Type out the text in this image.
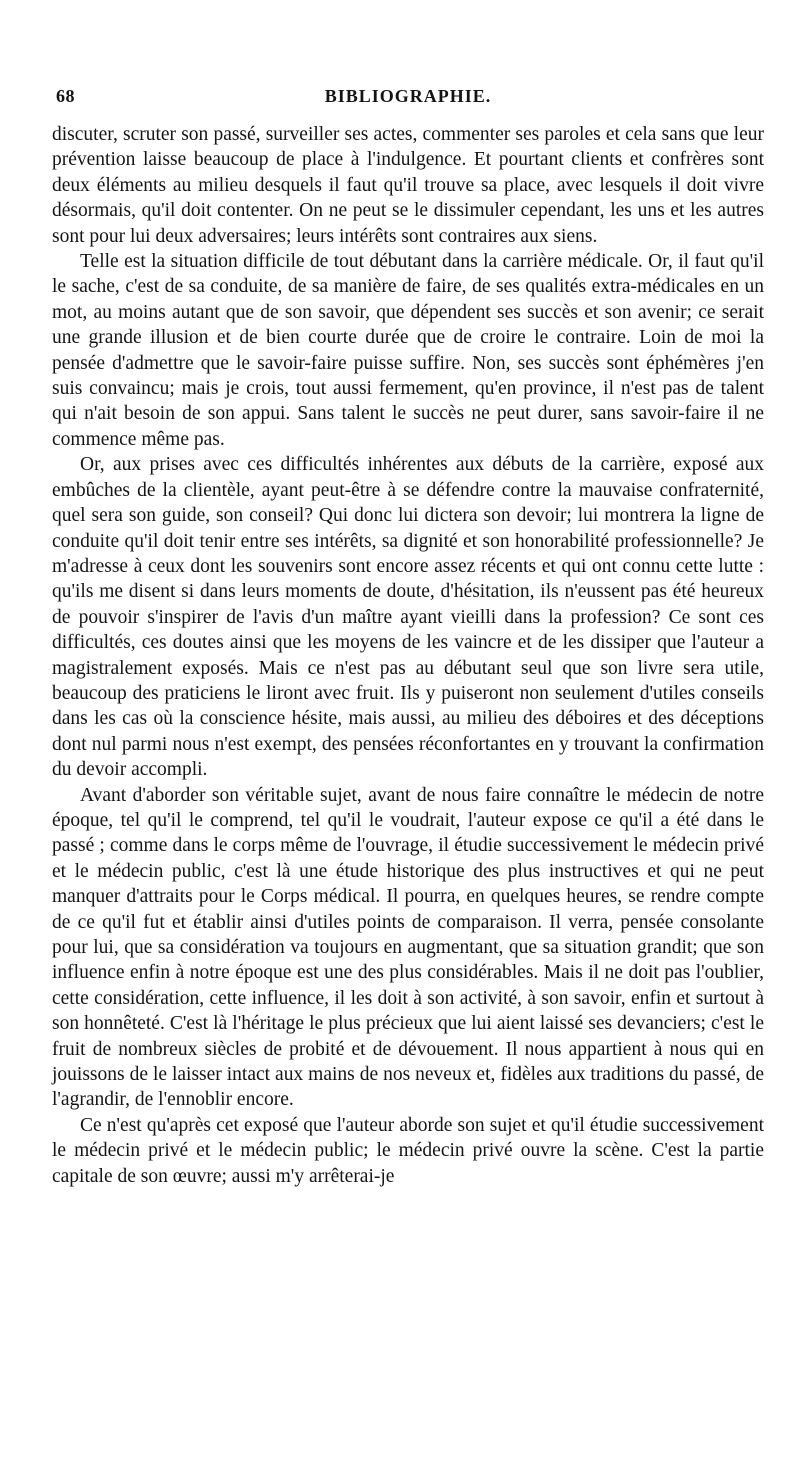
68	BIBLIOGRAPHIE.

discuter, scruter son passé, surveiller ses actes, commenter ses paroles et cela sans que leur prévention laisse beaucoup de place à l'indulgence. Et pourtant clients et confrères sont deux éléments au milieu desquels il faut qu'il trouve sa place, avec lesquels il doit vivre désormais, qu'il doit contenter. On ne peut se le dissimuler cependant, les uns et les autres sont pour lui deux adversaires; leurs intérêts sont contraires aux siens.

Telle est la situation difficile de tout débutant dans la carrière médicale. Or, il faut qu'il le sache, c'est de sa conduite, de sa manière de faire, de ses qualités extra-médicales en un mot, au moins autant que de son savoir, que dépendent ses succès et son avenir; ce serait une grande illusion et de bien courte durée que de croire le contraire. Loin de moi la pensée d'admettre que le savoir-faire puisse suffire. Non, ses succès sont éphémères j'en suis convaincu; mais je crois, tout aussi fermement, qu'en province, il n'est pas de talent qui n'ait besoin de son appui. Sans talent le succès ne peut durer, sans savoir-faire il ne commence même pas.

Or, aux prises avec ces difficultés inhérentes aux débuts de la carrière, exposé aux embûches de la clientèle, ayant peut-être à se défendre contre la mauvaise confraternité, quel sera son guide, son conseil? Qui donc lui dictera son devoir; lui montrera la ligne de conduite qu'il doit tenir entre ses intérêts, sa dignité et son honorabilité professionnelle? Je m'adresse à ceux dont les souvenirs sont encore assez récents et qui ont connu cette lutte : qu'ils me disent si dans leurs moments de doute, d'hésitation, ils n'eussent pas été heureux de pouvoir s'inspirer de l'avis d'un maître ayant vieilli dans la profession? Ce sont ces difficultés, ces doutes ainsi que les moyens de les vaincre et de les dissiper que l'auteur a magistralement exposés. Mais ce n'est pas au débutant seul que son livre sera utile, beaucoup des praticiens le liront avec fruit. Ils y puiseront non seulement d'utiles conseils dans les cas où la conscience hésite, mais aussi, au milieu des déboires et des déceptions dont nul parmi nous n'est exempt, des pensées réconfortantes en y trouvant la confirmation du devoir accompli.

Avant d'aborder son véritable sujet, avant de nous faire connaître le médecin de notre époque, tel qu'il le comprend, tel qu'il le voudrait, l'auteur expose ce qu'il a été dans le passé ; comme dans le corps même de l'ouvrage, il étudie successivement le médecin privé et le médecin public, c'est là une étude historique des plus instructives et qui ne peut manquer d'attraits pour le Corps médical. Il pourra, en quelques heures, se rendre compte de ce qu'il fut et établir ainsi d'utiles points de comparaison. Il verra, pensée consolante pour lui, que sa considération va toujours en augmentant, que sa situation grandit; que son influence enfin à notre époque est une des plus considérables. Mais il ne doit pas l'oublier, cette considération, cette influence, il les doit à son activité, à son savoir, enfin et surtout à son honnêteté. C'est là l'héritage le plus précieux que lui aient laissé ses devanciers; c'est le fruit de nombreux siècles de probité et de dévouement. Il nous appartient à nous qui en jouissons de le laisser intact aux mains de nos neveux et, fidèles aux traditions du passé, de l'agrandir, de l'ennoblir encore.

Ce n'est qu'après cet exposé que l'auteur aborde son sujet et qu'il étudie successivement le médecin privé et le médecin public; le médecin privé ouvre la scène. C'est la partie capitale de son œuvre; aussi m'y arrêterai-je
